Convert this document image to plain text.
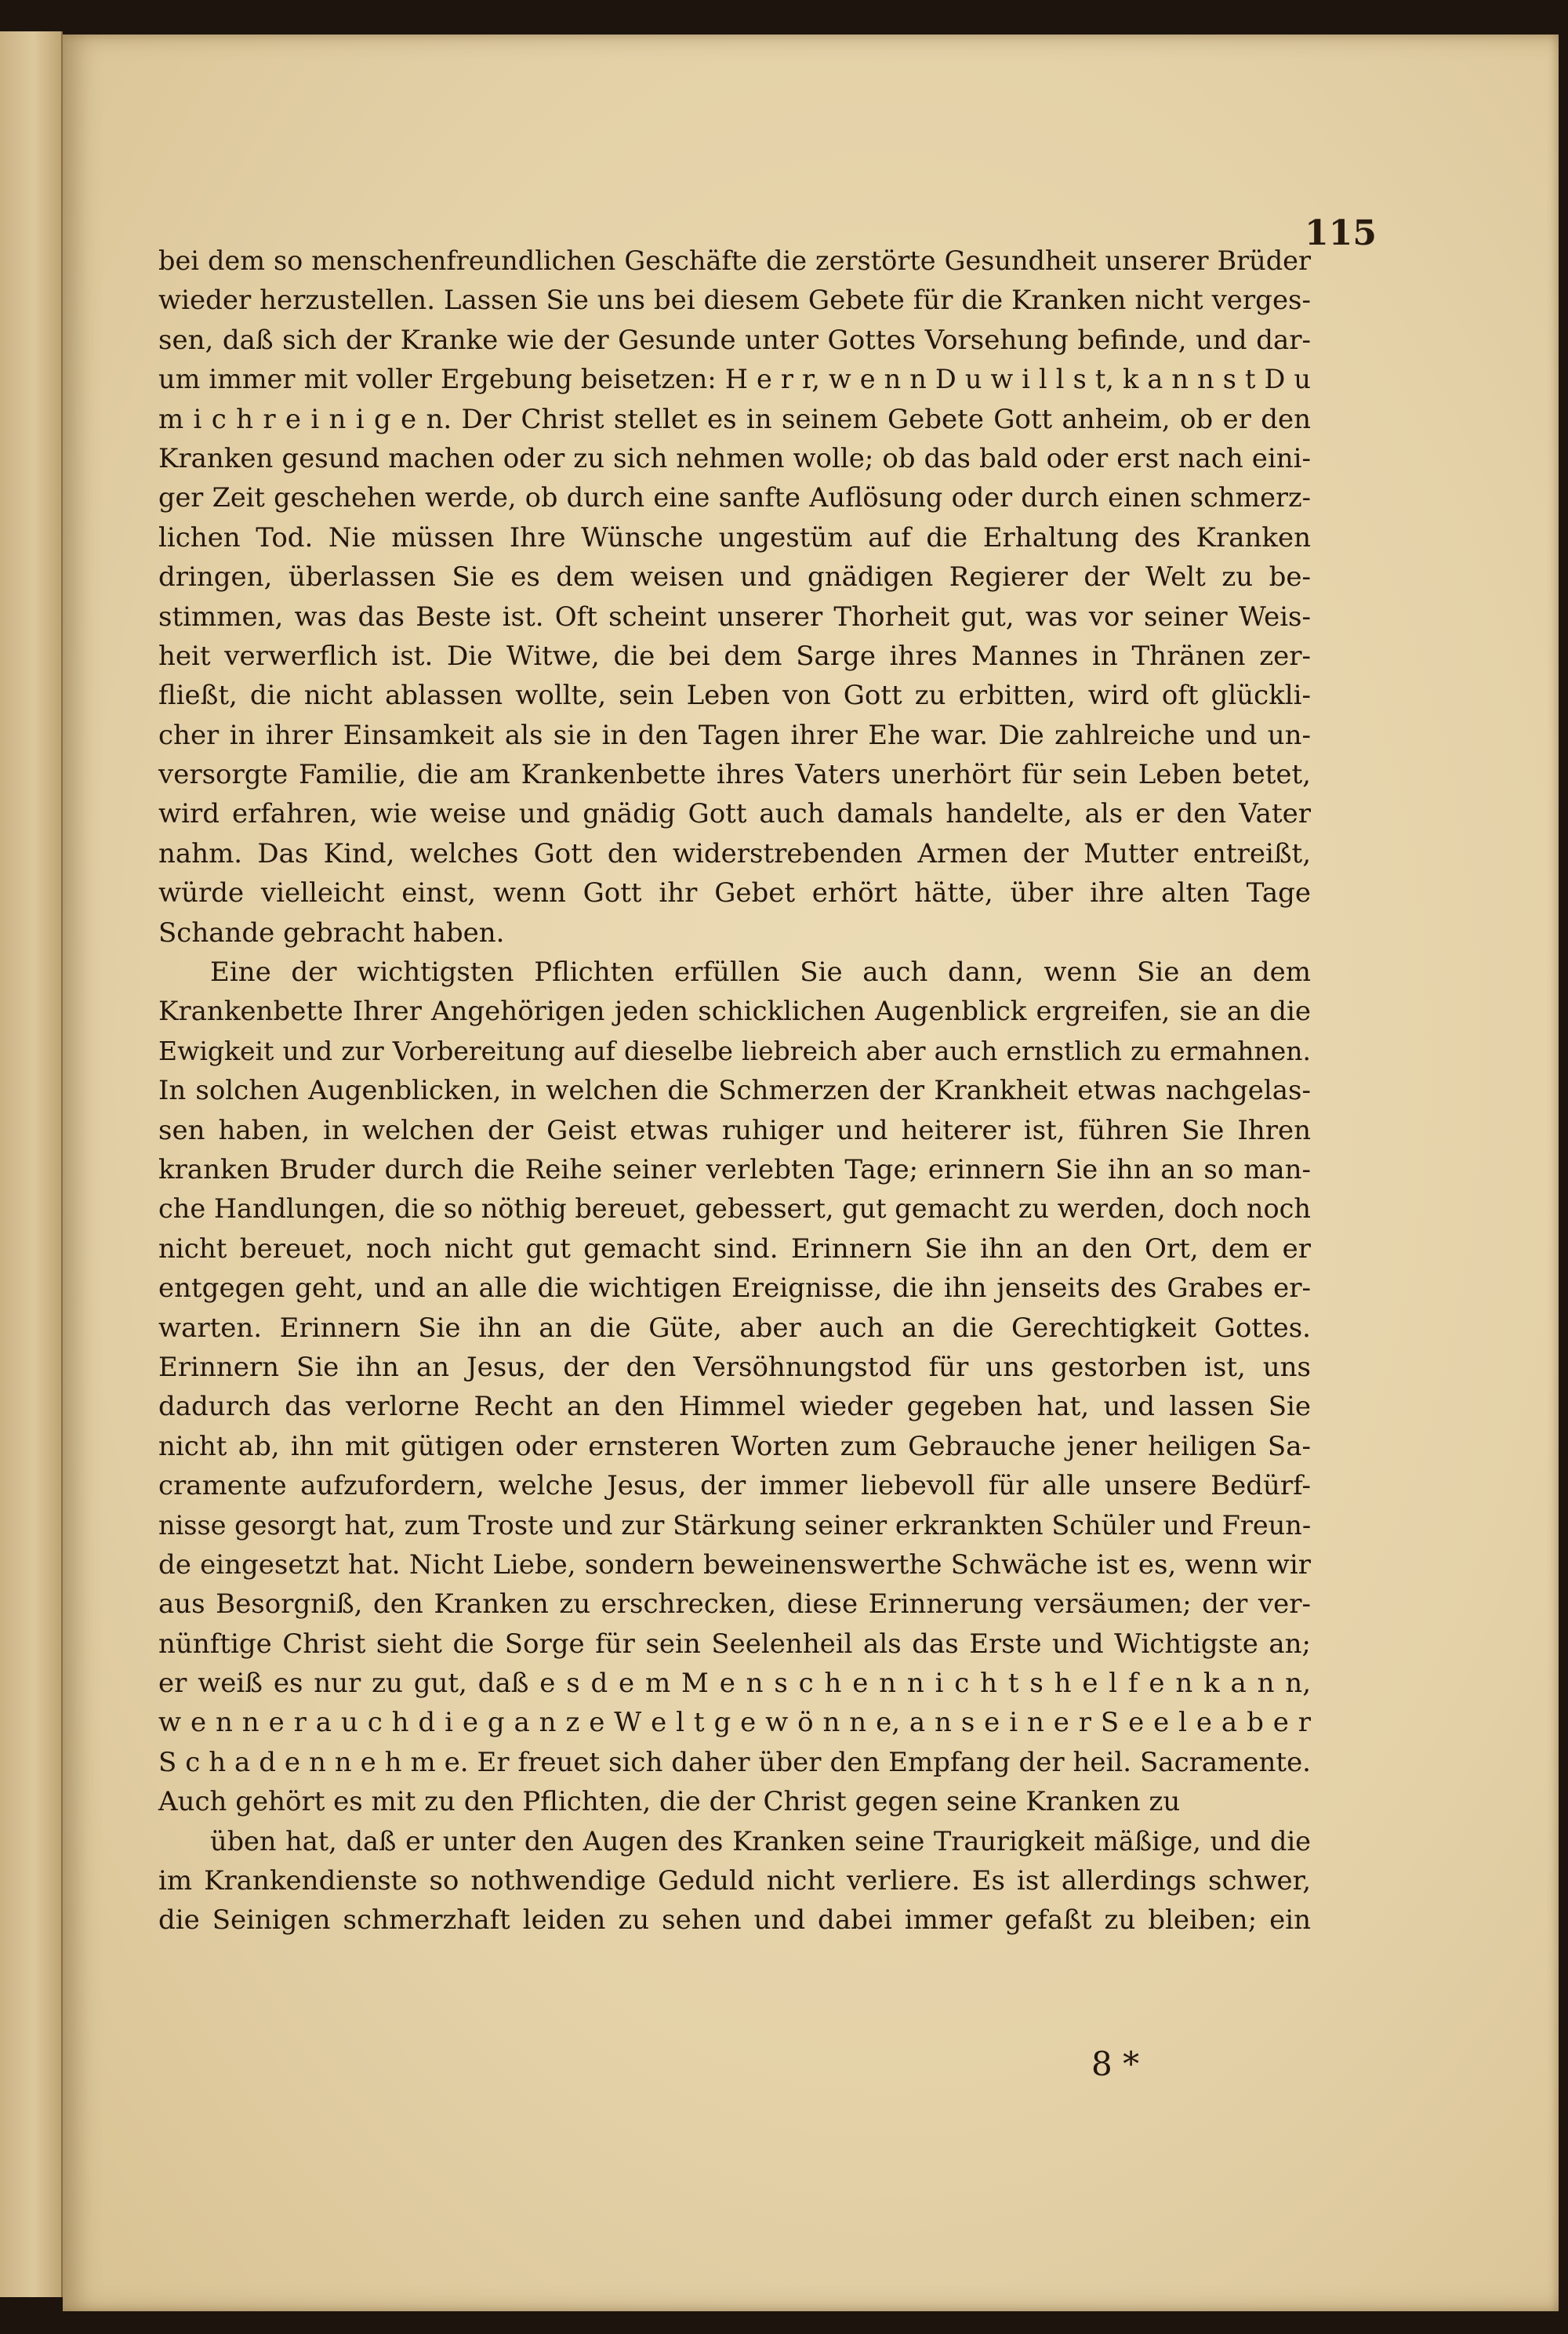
115

bei dem so menschenfreundlichen Geschäfte die zerstörte Gesundheit unserer Brüder
wieder herzustellen. Lassen Sie uns bei diesem Gebete für die Kranken nicht verges-
sen, daß sich der Kranke wie der Gesunde unter Gottes Vorsehung befinde, und dar-
um immer mit voller Ergebung beisetzen: H e r r, w e n n D u w i l l s t, k a n n s t D u
m i c h r e i n i g e n. Der Christ stellet es in seinem Gebete Gott anheim, ob er den
Kranken gesund machen oder zu sich nehmen wolle; ob das bald oder erst nach eini-
ger Zeit geschehen werde, ob durch eine sanfte Auflösung oder durch einen schmerz-
lichen Tod. Nie müssen Ihre Wünsche ungestüm auf die Erhaltung des Kranken
dringen, überlassen Sie es dem weisen und gnädigen Regierer der Welt zu be-
stimmen, was das Beste ist. Oft scheint unserer Thorheit gut, was vor seiner Weis-
heit verwerflich ist. Die Witwe, die bei dem Sarge ihres Mannes in Thränen zer-
fließt, die nicht ablassen wollte, sein Leben von Gott zu erbitten, wird oft glückli-
cher in ihrer Einsamkeit als sie in den Tagen ihrer Ehe war. Die zahlreiche und un-
versorgte Familie, die am Krankenbette ihres Vaters unerhört für sein Leben betet,
wird erfahren, wie weise und gnädig Gott auch damals handelte, als er den Vater
nahm. Das Kind, welches Gott den widerstrebenden Armen der Mutter entreißt,
würde vielleicht einst, wenn Gott ihr Gebet erhört hätte, über ihre alten Tage
Schande gebracht haben.
Eine der wichtigsten Pflichten erfüllen Sie auch dann, wenn Sie an dem
Krankenbette Ihrer Angehörigen jeden schicklichen Augenblick ergreifen, sie an die
Ewigkeit und zur Vorbereitung auf dieselbe liebreich aber auch ernstlich zu ermahnen.
In solchen Augenblicken, in welchen die Schmerzen der Krankheit etwas nachgelas-
sen haben, in welchen der Geist etwas ruhiger und heiterer ist, führen Sie Ihren
kranken Bruder durch die Reihe seiner verlebten Tage; erinnern Sie ihn an so man-
che Handlungen, die so nöthig bereuet, gebessert, gut gemacht zu werden, doch noch
nicht bereuet, noch nicht gut gemacht sind. Erinnern Sie ihn an den Ort, dem er
entgegen geht, und an alle die wichtigen Ereignisse, die ihn jenseits des Grabes er-
warten. Erinnern Sie ihn an die Güte, aber auch an die Gerechtigkeit Gottes.
Erinnern Sie ihn an Jesus, der den Versöhnungstod für uns gestorben ist, uns
dadurch das verlorne Recht an den Himmel wieder gegeben hat, und lassen Sie
nicht ab, ihn mit gütigen oder ernsteren Worten zum Gebrauche jener heiligen Sa-
cramente aufzufordern, welche Jesus, der immer liebevoll für alle unsere Bedürf-
nisse gesorgt hat, zum Troste und zur Stärkung seiner erkrankten Schüler und Freun-
de eingesetzt hat. Nicht Liebe, sondern beweinenswerthe Schwäche ist es, wenn wir
aus Besorgniß, den Kranken zu erschrecken, diese Erinnerung versäumen; der ver-
nünftige Christ sieht die Sorge für sein Seelenheil als das Erste und Wichtigste an;
er weiß es nur zu gut, daß e s d e m M e n s c h e n n i c h t s h e l f e n k a n n,
w e n n e r a u c h d i e g a n z e W e l t g e w ö n n e, a n s e i n e r S e e l e a b e r
S c h a d e n n e h m e. Er freuet sich daher über den Empfang der heil. Sacramente.
Auch gehört es mit zu den Pflichten, die der Christ gegen seine Kranken zu
üben hat, daß er unter den Augen des Kranken seine Traurigkeit mäßige, und die
im Krankendienste so nothwendige Geduld nicht verliere. Es ist allerdings schwer,
die Seinigen schmerzhaft leiden zu sehen und dabei immer gefaßt zu bleiben; ein

8 *
